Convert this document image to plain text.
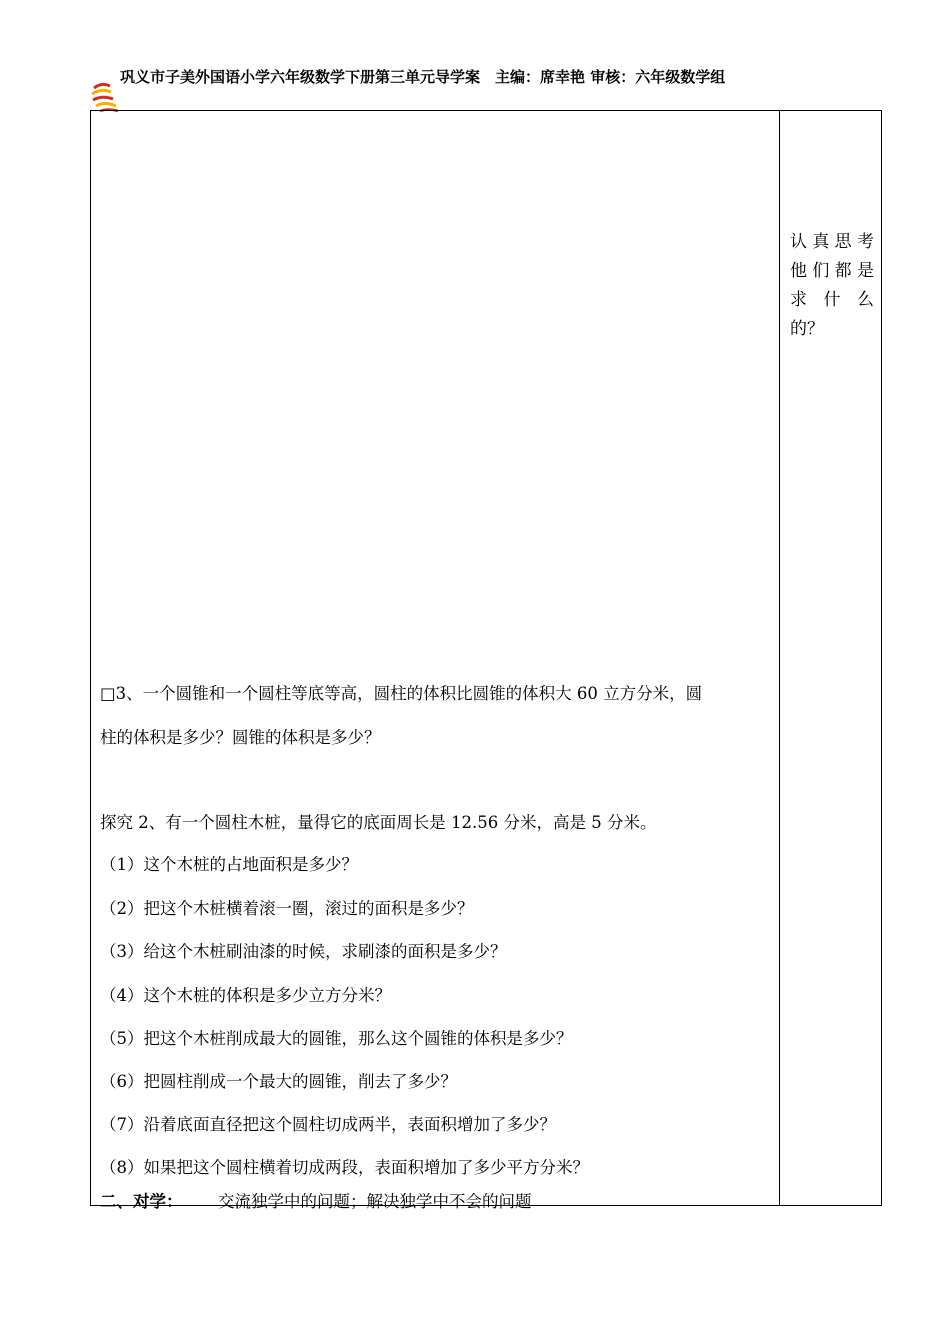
巩义市子美外国语小学六年级数学下册第三单元导学案　主编：席幸艳 审核：六年级数学组
认真思考
他们都是
求什么
的？
□3、一个圆锥和一个圆柱等底等高，圆柱的体积比圆锥的体积大 60 立方分米，圆
柱的体积是多少？圆锥的体积是多少？
探究 2、有一个圆柱木桩，量得它的底面周长是 12.56 分米，高是 5 分米。
（1）这个木桩的占地面积是多少？
（2）把这个木桩横着滚一圈，滚过的面积是多少？
（3）给这个木桩刷油漆的时候，求刷漆的面积是多少？
（4）这个木桩的体积是多少立方分米？
（5）把这个木桩削成最大的圆锥，那么这个圆锥的体积是多少？
（6）把圆柱削成一个最大的圆锥，削去了多少？
（7）沿着底面直径把这个圆柱切成两半，表面积增加了多少？
（8）如果把这个圆柱横着切成两段，表面积增加了多少平方分米？
二、对学： 交流独学中的问题；解决独学中不会的问题
